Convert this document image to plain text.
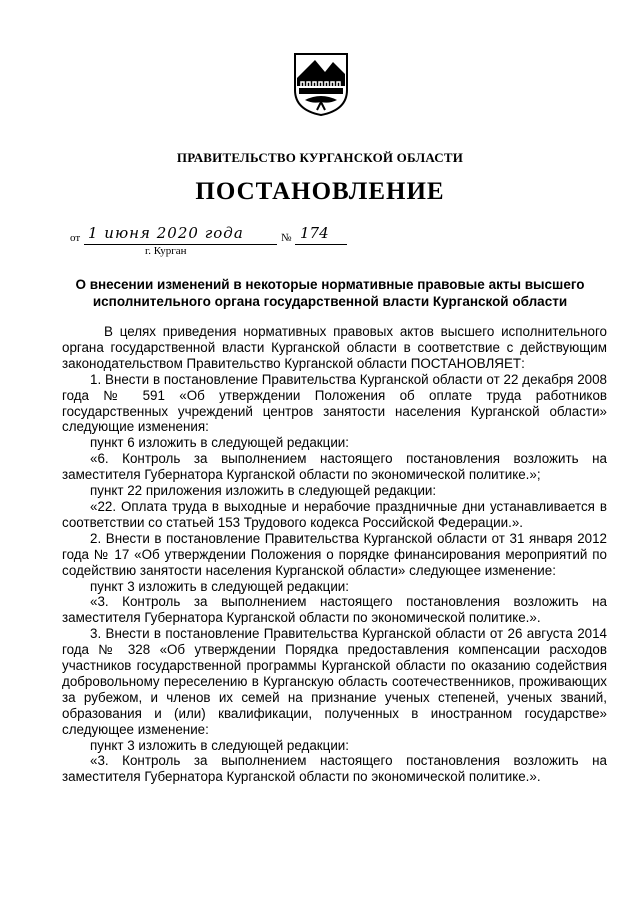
ПРАВИТЕЛЬСТВО КУРГАНСКОЙ ОБЛАСТИ
ПОСТАНОВЛЕНИЕ
от 1 июня 2020 года	№ 174
г. Курган
О внесении изменений в некоторые нормативные правовые акты высшего исполнительного органа государственной власти Курганской области

В целях приведения нормативных правовых актов высшего исполнительного органа государственной власти Курганской области в соответствие с действующим законодательством Правительство Курганской области ПОСТАНОВЛЯЕТ:

1. Внести в постановление Правительства Курганской области от 22 декабря 2008 года № 591 «Об утверждении Положения об оплате труда работников государственных учреждений центров занятости населения Курганской области» следующие изменения:

пункт 6 изложить в следующей редакции:

«6. Контроль за выполнением настоящего постановления возложить на заместителя Губернатора Курганской области по экономической политике.»;

пункт 22 приложения изложить в следующей редакции:

«22. Оплата труда в выходные и нерабочие праздничные дни устанавливается в соответствии со статьей 153 Трудового кодекса Российской Федерации.».

2. Внести в постановление Правительства Курганской области от 31 января 2012 года № 17 «Об утверждении Положения о порядке финансирования мероприятий по содействию занятости населения Курганской области» следующее изменение:

пункт 3 изложить в следующей редакции:

«3. Контроль за выполнением настоящего постановления возложить на заместителя Губернатора Курганской области по экономической политике.».

3. Внести в постановление Правительства Курганской области от 26 августа 2014 года № 328 «Об утверждении Порядка предоставления компенсации расходов участников государственной программы Курганской области по оказанию содействия добровольному переселению в Курганскую область соотечественников, проживающих за рубежом, и членов их семей на признание ученых степеней, ученых званий, образования и (или) квалификации, полученных в иностранном государстве» следующее изменение:

пункт 3 изложить в следующей редакции:

«3. Контроль за выполнением настоящего постановления возложить на заместителя Губернатора Курганской области по экономической политике.».
